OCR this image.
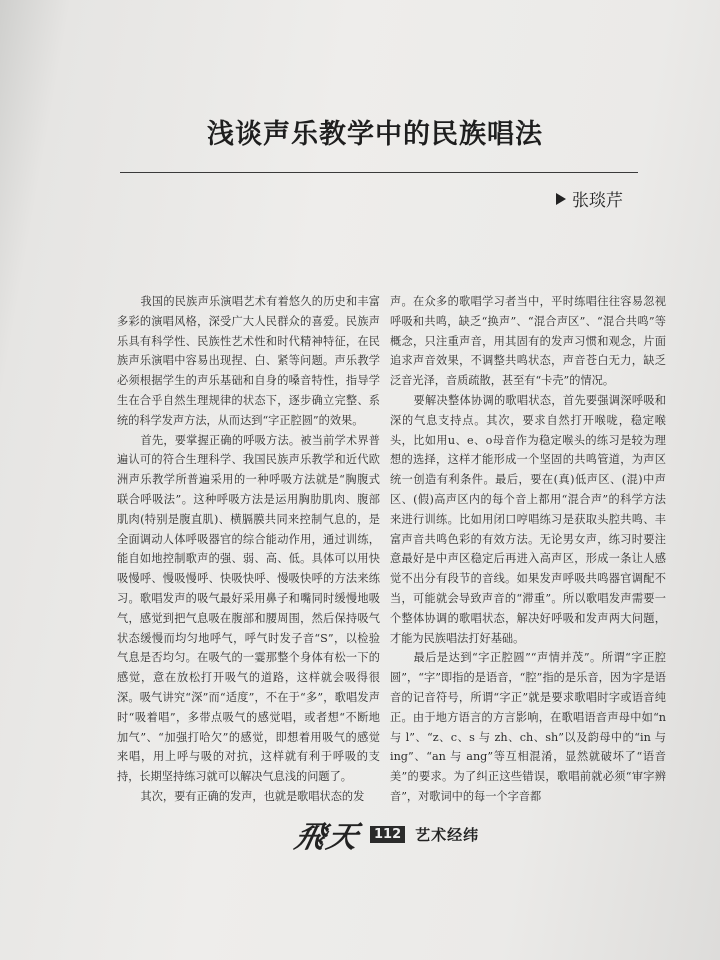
浅谈声乐教学中的民族唱法
张琰芹

我国的民族声乐演唱艺术有着悠久的历史和丰富多彩的演唱风格，深受广大人民群众的喜爱。民族声乐具有科学性、民族性艺术性和时代精神特征，在民族声乐演唱中容易出现捏、白、紧等问题。声乐教学必须根据学生的声乐基础和自身的嗓音特性，指导学生在合乎自然生理规律的状态下，逐步确立完整、系统的科学发声方法，从而达到“字正腔圆”的效果。

首先，要掌握正确的呼吸方法。被当前学术界普遍认可的符合生理科学、我国民族声乐教学和近代欧洲声乐教学所普遍采用的一种呼吸方法就是“胸腹式联合呼吸法”。这种呼吸方法是运用胸肋肌肉、腹部肌肉(特别是腹直肌)、横膈膜共同来控制气息的，是全面调动人体呼吸器官的综合能动作用，通过训练，能自如地控制歌声的强、弱、高、低。具体可以用快吸慢呼、慢吸慢呼、快吸快呼、慢吸快呼的方法来练习。歌唱发声的吸气最好采用鼻子和嘴同时缓慢地吸气，感觉到把气息吸在腹部和腰周围，然后保持吸气状态缓慢而均匀地呼气，呼气时发子音“S”，以检验气息是否均匀。在吸气的一霎那整个身体有松一下的感觉，意在放松打开吸气的道路，这样就会吸得很深。吸气讲究“深”而“适度”，不在于“多”，歌唱发声时“吸着唱”，多带点吸气的感觉唱，或者想“不断地加气”、“加强打哈欠”的感觉，即想着用吸气的感觉来唱，用上呼与吸的对抗，这样就有利于呼吸的支持，长期坚持练习就可以解决气息浅的问题了。

其次，要有正确的发声，也就是歌唱状态的发

声。在众多的歌唱学习者当中，平时练唱往往容易忽视呼吸和共鸣，缺乏“换声”、“混合声区”、“混合共鸣”等概念，只注重声音，用其固有的发声习惯和观念，片面追求声音效果，不调整共鸣状态，声音苍白无力，缺乏泛音光泽，音质疏散，甚至有“卡壳”的情况。

要解决整体协调的歌唱状态，首先要强调深呼吸和深的气息支持点。其次，要求自然打开喉咙，稳定喉头，比如用u、e、o母音作为稳定喉头的练习是较为理想的选择，这样才能形成一个坚固的共鸣管道，为声区统一创造有利条件。最后，要在(真)低声区、(混)中声区、(假)高声区内的每个音上都用“混合声”的科学方法来进行训练。比如用闭口哼唱练习是获取头腔共鸣、丰富声音共鸣色彩的有效方法。无论男女声，练习时要注意最好是中声区稳定后再进入高声区，形成一条让人感觉不出分有段节的音线。如果发声呼吸共鸣器官调配不当，可能就会导致声音的“滞重”。所以歌唱发声需要一个整体协调的歌唱状态，解决好呼吸和发声两大问题，才能为民族唱法打好基础。

最后是达到“字正腔圆”“声情并茂”。所谓“字正腔圆”，“字”即指的是语音，“腔”指的是乐音，因为字是语音的记音符号，所谓“字正”就是要求歌唱时字或语音纯正。由于地方语言的方言影响，在歌唱语音声母中如“n 与 l”、“z、c、s 与 zh、ch、sh”以及韵母中的“in 与 ing”、“an 与 ang”等互相混淆，显然就破坏了“语音美”的要求。为了纠正这些错误，歌唱前就必须“审字辨音”，对歌词中的每一个字音都

飛天 112 艺术经纬
